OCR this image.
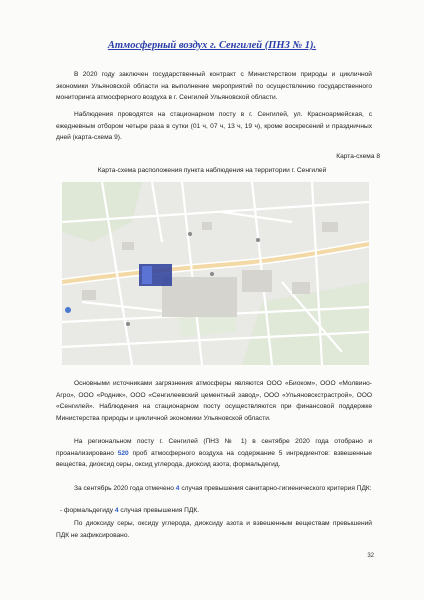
Атмосферный воздух г. Сенгилей (ПНЗ № 1).
В 2020 году заключен государственный контракт с Министерством природы и цикличной экономики Ульяновской области на выполнение мероприятий по осуществлению государственного мониторинга атмосферного воздуха в г. Сенгилей Ульяновской области.
Наблюдения проводятся на стационарном посту в г. Сенгилей, ул. Красноармейская, с ежедневным отбором четыре раза в сутки (01 ч, 07 ч, 13 ч, 19 ч), кроме воскресений и праздничных дней (карта-схема 9).
Карта-схема 8
Карта-схема расположения пункта наблюдения на территории г. Сенгилей
Основными источниками загрязнения атмосферы являются ООО «Биоком», ООО «Молвино-Агро», ООО «Родник», ООО «Сенгилеевский цементный завод», ООО «Ульяновскстрастрой», ООО «Сенгилей». Наблюдения на стационарном посту осуществляются при финансовой поддержке Министерства природы и цикличной экономики Ульяновской области.
На региональном посту г. Сенгилей (ПНЗ № 1) в сентябре 2020 года отобрано и проанализировано 520 проб атмосферного воздуха на содержание 5 ингредиентов: взвешенные вещества, диоксид серы, оксид углерода, диоксид азота, формальдегид.
За сентябрь 2020 года отмечено 4 случая превышения санитарно-гигиенического критерия ПДК:
- формальдегиду 4 случая превышения ПДК.
По диоксиду серы, оксиду углерода, диоксиду азота и взвешенным веществам превышений ПДК не зафиксировано.
32
